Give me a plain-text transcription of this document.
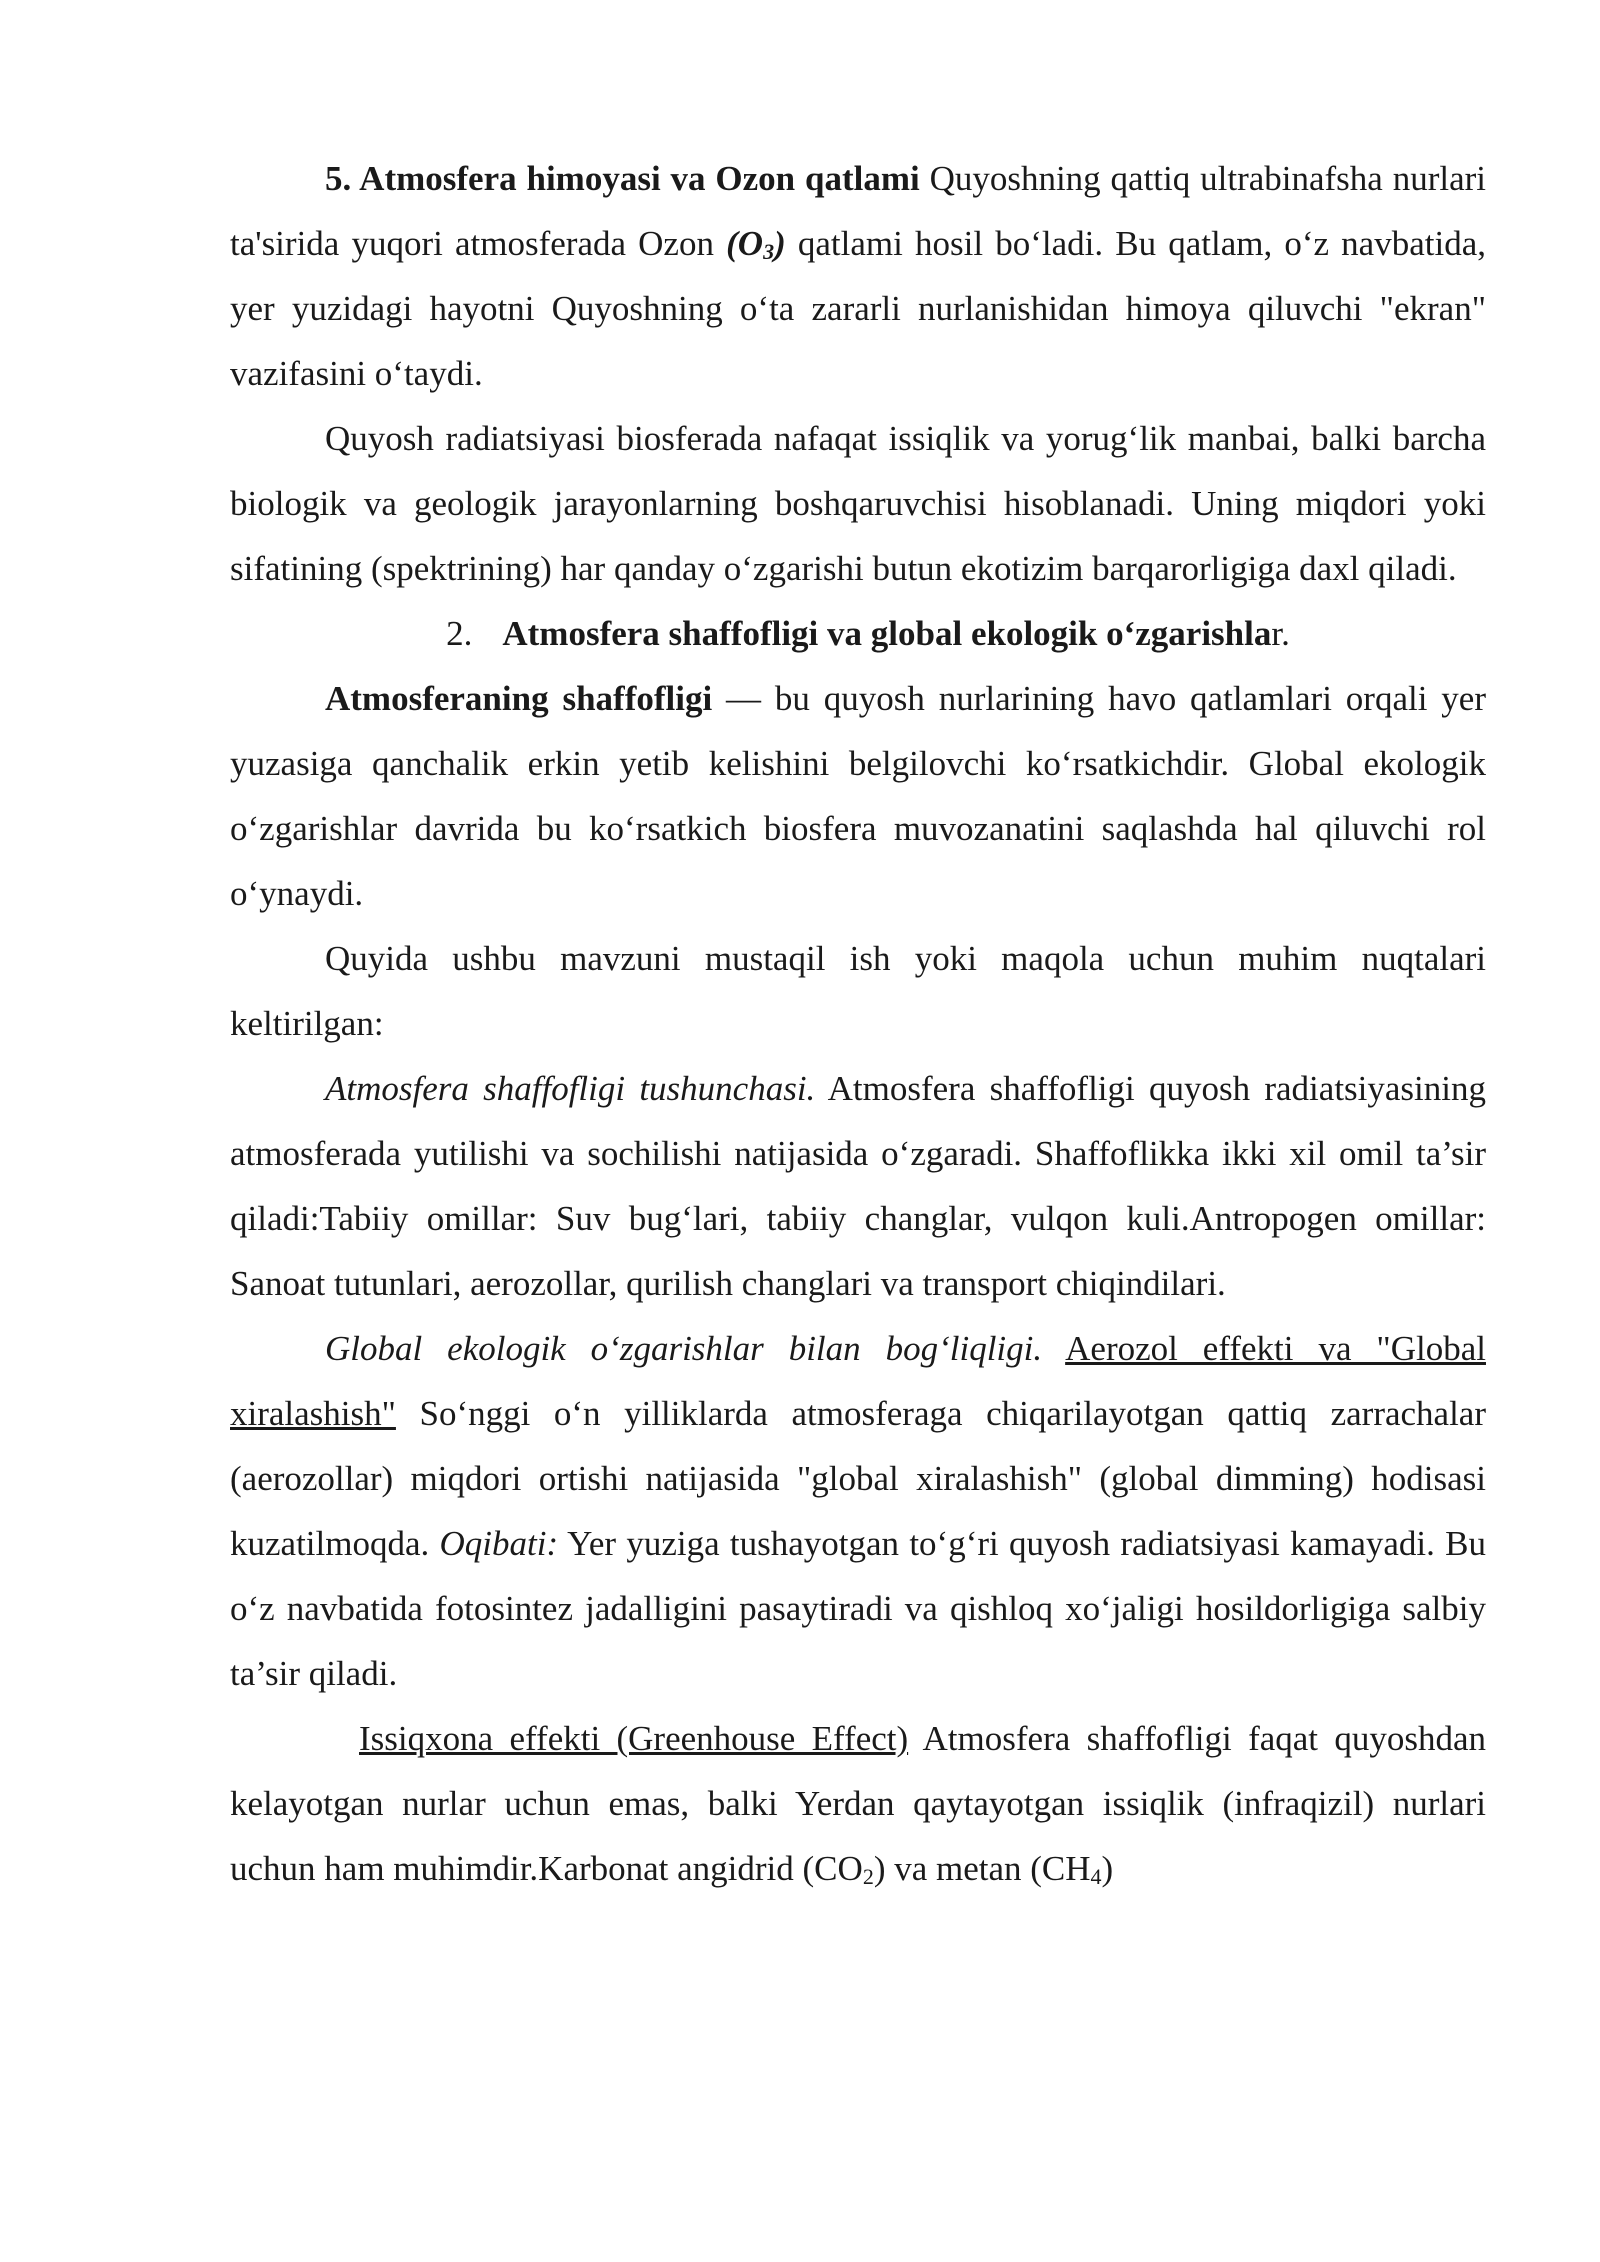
5. Atmosfera himoyasi va Ozon qatlami Quyoshning qattiq ultrabinafsha nurlari ta'sirida yuqori atmosferada Ozon $(O_3)$ qatlami hosil bo‘ladi. Bu qatlam, o‘z navbatida, yer yuzidagi hayotni Quyoshning o‘ta zararli nurlanishidan himoya qiluvchi "ekran" vazifasini o‘taydi.

Quyosh radiatsiyasi biosferada nafaqat issiqlik va yorug‘lik manbai, balki barcha biologik va geologik jarayonlarning boshqaruvchisi hisoblanadi. Uning miqdori yoki sifatining (spektrining) har qanday o‘zgarishi butun ekotizim barqarorligiga daxl qiladi.

2. Atmosfera shaffofligi va global ekologik o‘zgarishlar.

Atmosferaning shaffofligi — bu quyosh nurlarining havo qatlamlari orqali yer yuzasiga qanchalik erkin yetib kelishini belgilovchi ko‘rsatkichdir. Global ekologik o‘zgarishlar davrida bu ko‘rsatkich biosfera muvozanatini saqlashda hal qiluvchi rol o‘ynaydi.

Quyida ushbu mavzuni mustaqil ish yoki maqola uchun muhim nuqtalari keltirilgan:

Atmosfera shaffofligi tushunchasi. Atmosfera shaffofligi quyosh radiatsiyasining atmosferada yutilishi va sochilishi natijasida o‘zgaradi. Shaffoflikka ikki xil omil ta’sir qiladi:Tabiiy omillar: Suv bug‘lari, tabiiy changlar, vulqon kuli.Antropogen omillar: Sanoat tutunlari, aerozollar, qurilish changlari va transport chiqindilari.

Global ekologik o‘zgarishlar bilan bog‘liqligi. Aerozol effekti va "Global xiralashish" So‘nggi o‘n yilliklarda atmosferaga chiqarilayotgan qattiq zarrachalar (aerozollar) miqdori ortishi natijasida "global xiralashish" (global dimming) hodisasi kuzatilmoqda. Oqibati: Yer yuziga tushayotgan to‘g‘ri quyosh radiatsiyasi kamayadi. Bu o‘z navbatida fotosintez jadalligini pasaytiradi va qishloq xo‘jaligi hosildorligiga salbiy ta’sir qiladi.

Issiqxona effekti (Greenhouse Effect) Atmosfera shaffofligi faqat quyoshdan kelayotgan nurlar uchun emas, balki Yerdan qaytayotgan issiqlik (infraqizil) nurlari uchun ham muhimdir.Karbonat angidrid $(CO_2)$ va metan $(CH_4)$
